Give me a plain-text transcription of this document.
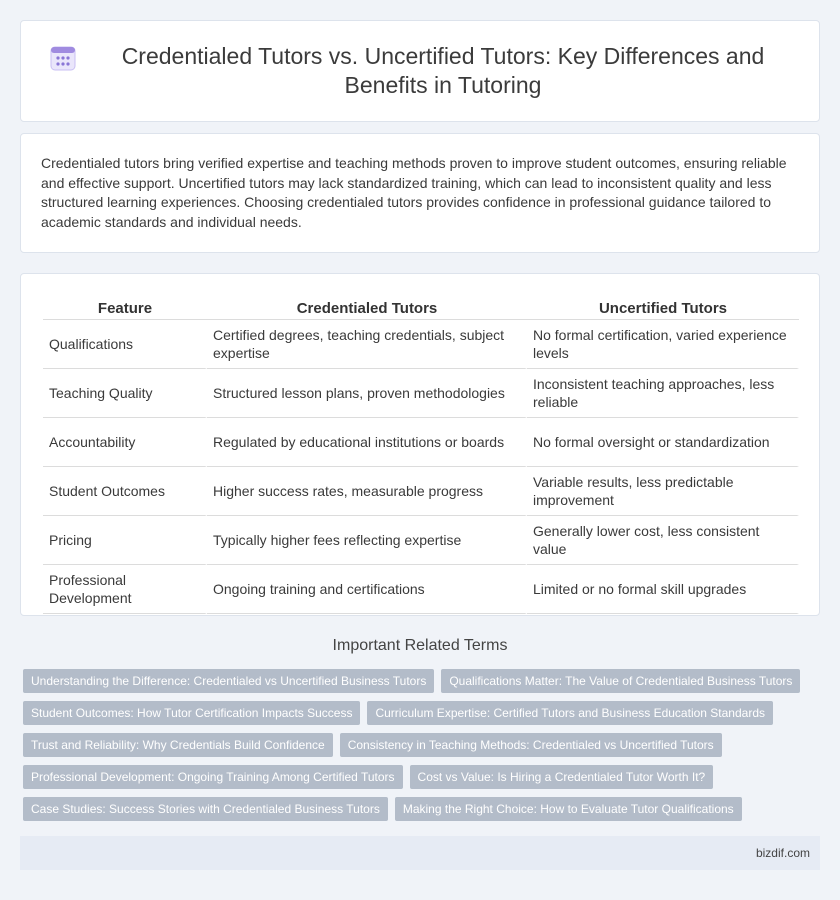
Credentialed Tutors vs. Uncertified Tutors: Key Differences and Benefits in Tutoring

Credentialed tutors bring verified expertise and teaching methods proven to improve student outcomes, ensuring reliable and effective support. Uncertified tutors may lack standardized training, which can lead to inconsistent quality and less structured learning experiences. Choosing credentialed tutors provides confidence in professional guidance tailored to academic standards and individual needs.

Feature	Credentialed Tutors	Uncertified Tutors
Qualifications	Certified degrees, teaching credentials, subject expertise	No formal certification, varied experience levels
Teaching Quality	Structured lesson plans, proven methodologies	Inconsistent teaching approaches, less reliable
Accountability	Regulated by educational institutions or boards	No formal oversight or standardization
Student Outcomes	Higher success rates, measurable progress	Variable results, less predictable improvement
Pricing	Typically higher fees reflecting expertise	Generally lower cost, less consistent value
Professional Development	Ongoing training and certifications	Limited or no formal skill upgrades
Important Related Terms
Understanding the Difference: Credentialed vs Uncertified Business Tutors	Qualifications Matter: The Value of Credentialed Business Tutors
Student Outcomes: How Tutor Certification Impacts Success	Curriculum Expertise: Certified Tutors and Business Education Standards
Trust and Reliability: Why Credentials Build Confidence	Consistency in Teaching Methods: Credentialed vs Uncertified Tutors
Professional Development: Ongoing Training Among Certified Tutors	Cost vs Value: Is Hiring a Credentialed Tutor Worth It?
Case Studies: Success Stories with Credentialed Business Tutors	Making the Right Choice: How to Evaluate Tutor Qualifications
bizdif.com
